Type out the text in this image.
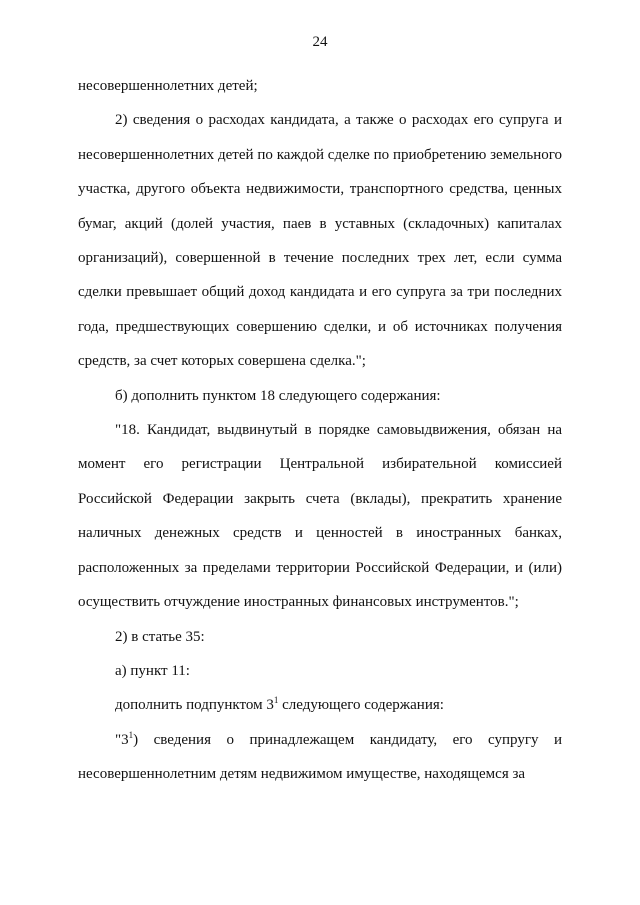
24

несовершеннолетних детей;

2) сведения о расходах кандидата, а также о расходах его супруга и несовершеннолетних детей по каждой сделке по приобретению земельного участка, другого объекта недвижимости, транспортного средства, ценных бумаг, акций (долей участия, паев в уставных (складочных) капиталах организаций), совершенной в течение последних трех лет, если сумма сделки превышает общий доход кандидата и его супруга за три последних года, предшествующих совершению сделки, и об источниках получения средств, за счет которых совершена сделка.";

б) дополнить пунктом 18 следующего содержания:

"18. Кандидат, выдвинутый в порядке самовыдвижения, обязан на момент его регистрации Центральной избирательной комиссией Российской Федерации закрыть счета (вклады), прекратить хранение наличных денежных средств и ценностей в иностранных банках, расположенных за пределами территории Российской Федерации, и (или) осуществить отчуждение иностранных финансовых инструментов.";

2) в статье 35:

а) пункт 11:

дополнить подпунктом $3^1$ следующего содержания:

"$3^1$) сведения о принадлежащем кандидату, его супругу и несовершеннолетним детям недвижимом имуществе, находящемся за
